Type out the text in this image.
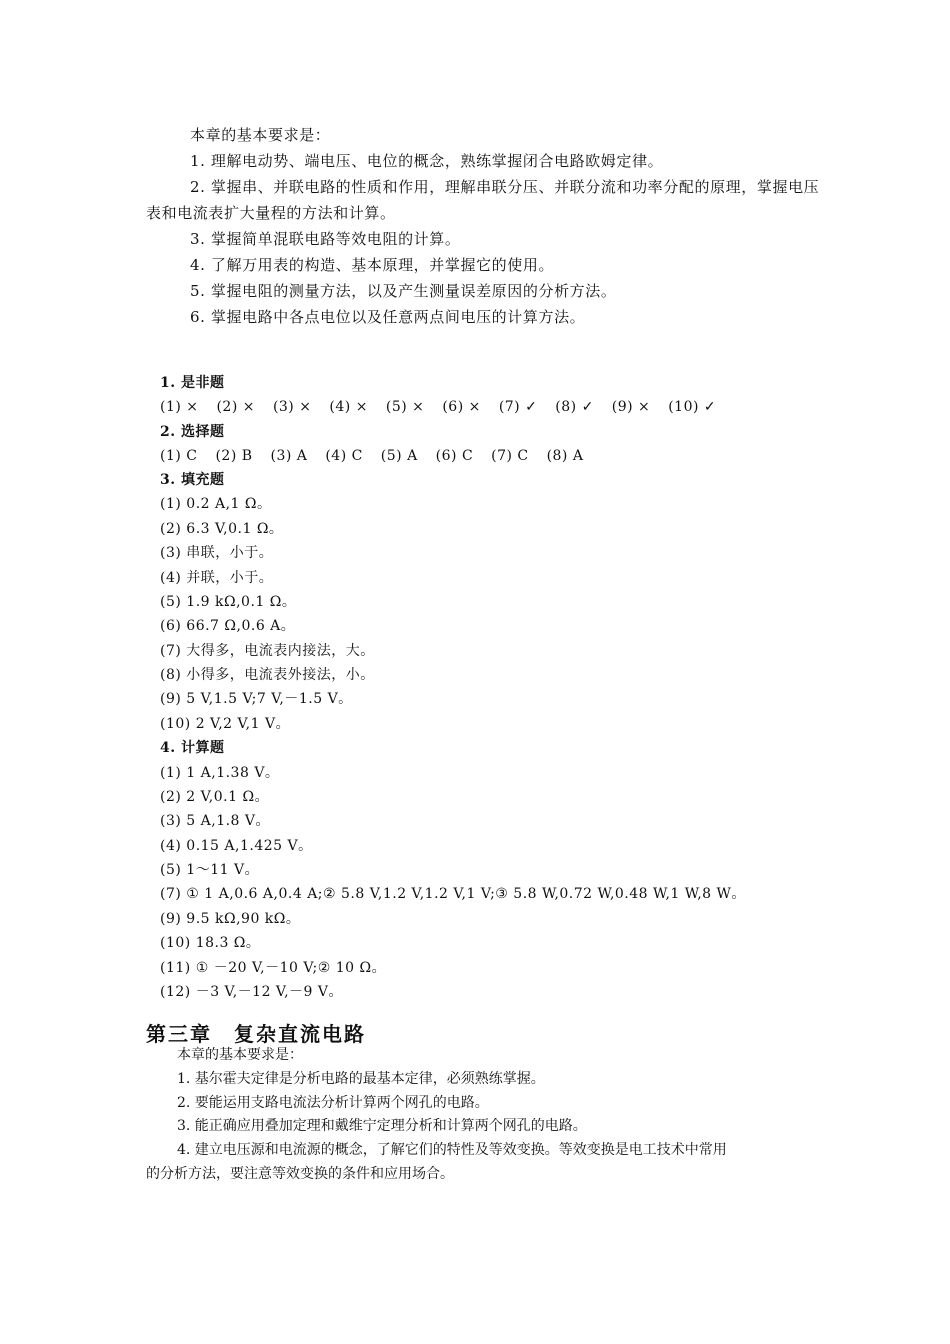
本章的基本要求是：
1. 理解电动势、端电压、电位的概念，熟练掌握闭合电路欧姆定律。
2. 掌握串、并联电路的性质和作用，理解串联分压、并联分流和功率分配的原理，掌握电压
表和电流表扩大量程的方法和计算。
3. 掌握简单混联电路等效电阻的计算。
4. 了解万用表的构造、基本原理，并掌握它的使用。
5. 掌握电阻的测量方法，以及产生测量误差原因的分析方法。
6. 掌握电路中各点电位以及任意两点间电压的计算方法。
1. 是非题
(1) × (2) × (3) × (4) × (5) × (6) × (7) ✓ (8) ✓ (9) × (10) ✓
2. 选择题
(1) C (2) B (3) A (4) C (5) A (6) C (7) C (8) A
3. 填充题
(1) 0.2 A,1 Ω。
(2) 6.3 V,0.1 Ω。
(3) 串联，小于。
(4) 并联，小于。
(5) 1.9 kΩ,0.1 Ω。
(6) 66.7 Ω,0.6 A。
(7) 大得多，电流表内接法，大。
(8) 小得多，电流表外接法，小。
(9) 5 V,1.5 V;7 V,－1.5 V。
(10) 2 V,2 V,1 V。
4. 计算题
(1) 1 A,1.38 V。
(2) 2 V,0.1 Ω。
(3) 5 A,1.8 V。
(4) 0.15 A,1.425 V。
(5) 1～11 V。
(7) ① 1 A,0.6 A,0.4 A;② 5.8 V,1.2 V,1.2 V,1 V;③ 5.8 W,0.72 W,0.48 W,1 W,8 W。
(9) 9.5 kΩ,90 kΩ。
(10) 18.3 Ω。
(11) ① －20 V,－10 V;② 10 Ω。
(12) －3 V,－12 V,－9 V。
第三章 复杂直流电路
本章的基本要求是：
1. 基尔霍夫定律是分析电路的最基本定律，必须熟练掌握。
2. 要能运用支路电流法分析计算两个网孔的电路。
3. 能正确应用叠加定理和戴维宁定理分析和计算两个网孔的电路。
4. 建立电压源和电流源的概念，了解它们的特性及等效变换。等效变换是电工技术中常用
的分析方法，要注意等效变换的条件和应用场合。
